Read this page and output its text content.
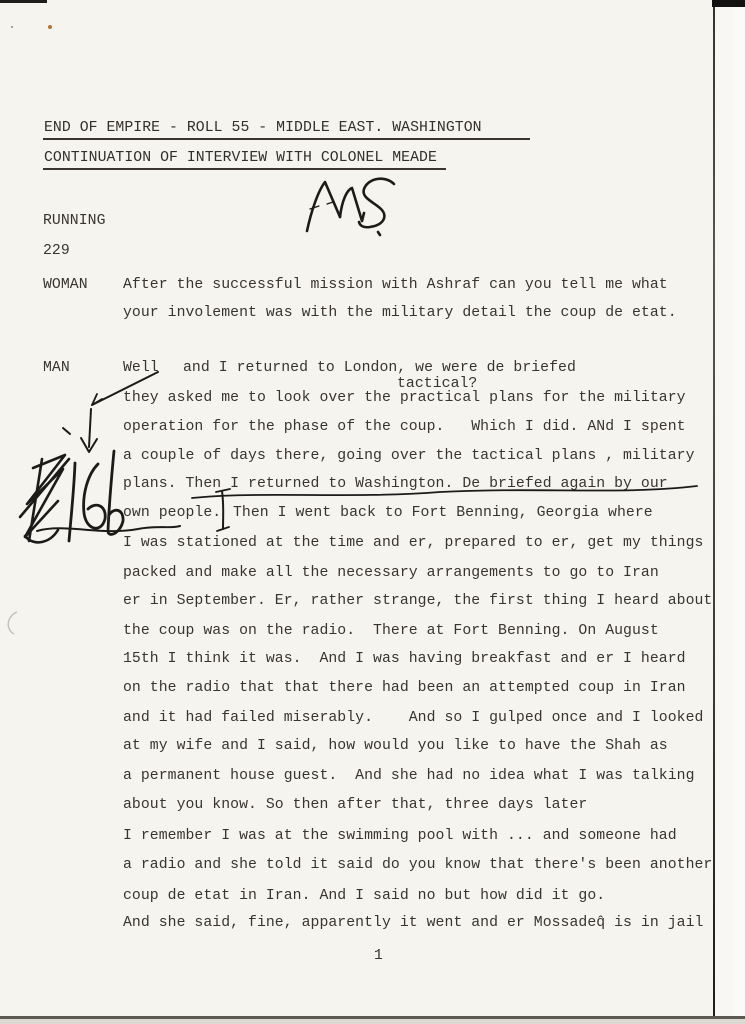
END OF EMPIRE - ROLL 55 - MIDDLE EAST. WASHINGTON
CONTINUATION OF INTERVIEW WITH COLONEL MEADE
RUNNING
229
WOMAN After the successful mission with Ashraf can you tell me what
your involement was with the military detail the coup de etat.
MAN	Well and I returned to London, we were de briefed
tactical?
they asked me to look over the practical plans for the military
operation for the phase of the coup.   Which I did. ANd I spent
a couple of days there, going over the tactical plans , military
plans. Then I returned to Washington. De briefed again by our
own people. Then I went back to Fort Benning, Georgia where
I was stationed at the time and er, prepared to er, get my things
packed and make all the necessary arrangements to go to Iran
er in September. Er, rather strange, the first thing I heard about
the coup was on the radio.  There at Fort Benning. On August
15th I think it was.  And I was having breakfast and er I heard
on the radio that that there had been an attempted coup in Iran
and it had failed miserably.    And so I gulped once and I looked
at my wife and I said, how would you like to have the Shah as
a permanent house guest.  And she had no idea what I was talking
about you know. So then after that, three days later
I remember I was at the swimming pool with ... and someone had
a radio and she told it said do you know that there's been another
coup de etat in Iran. And I said no but how did it go.
And she said, fine, apparently it went and er Mossadeq̂ is in jail
1
